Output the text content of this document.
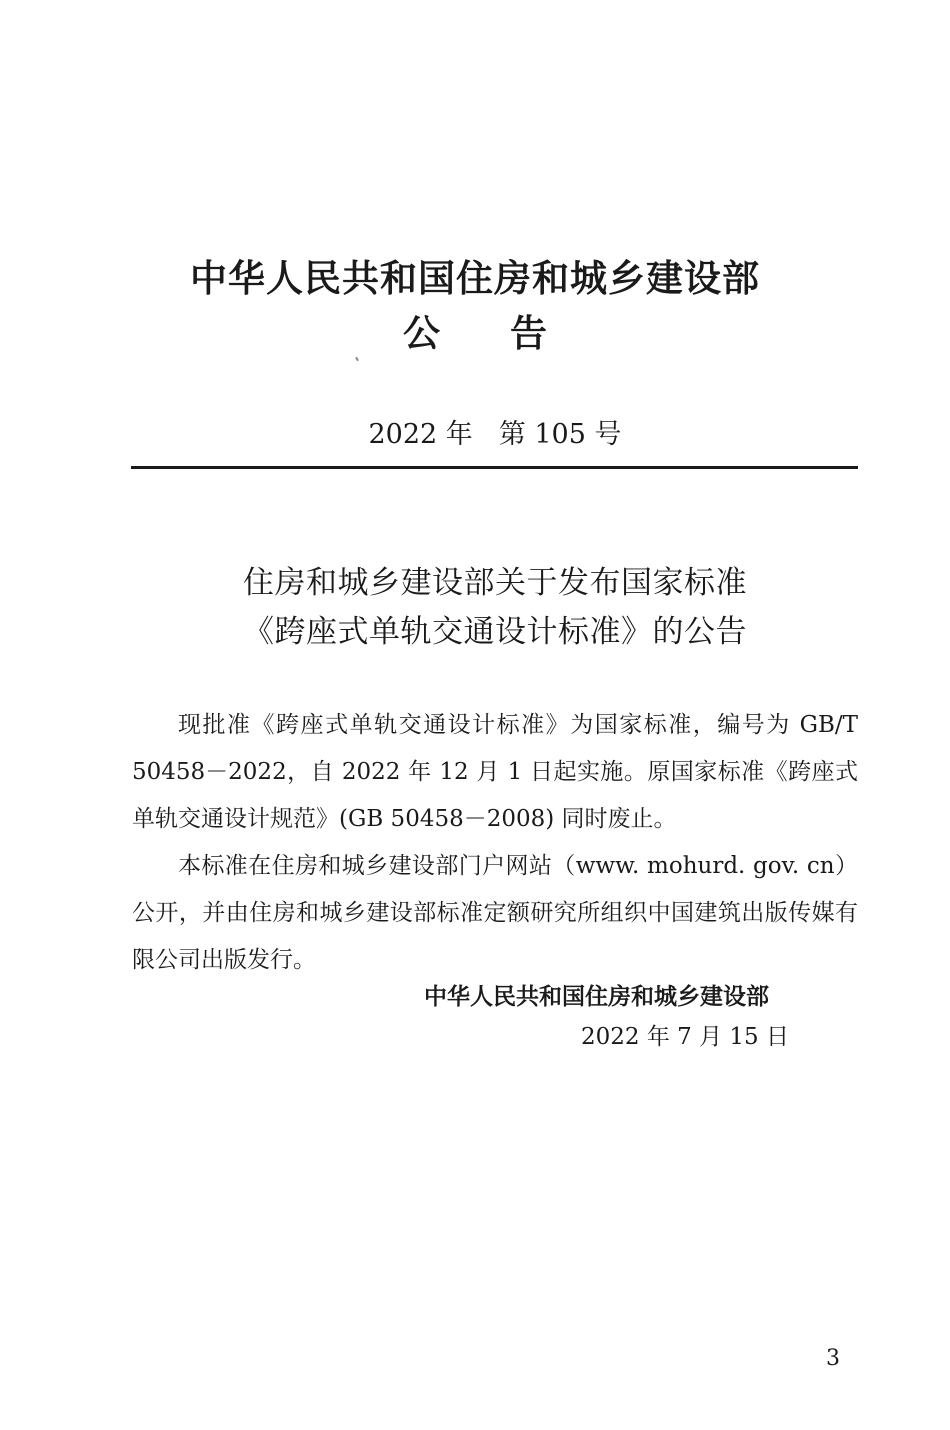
中华人民共和国住房和城乡建设部
公 告
2022 年 第 105 号
住房和城乡建设部关于发布国家标准
《跨座式单轨交通设计标准》的公告

现批准《跨座式单轨交通设计标准》为国家标准，编号为 GB/T 50458－2022，自 2022 年 12 月 1 日起实施。原国家标准《跨座式单轨交通设计规范》(GB 50458－2008) 同时废止。

本标准在住房和城乡建设部门户网站（www. mohurd. gov. cn）公开，并由住房和城乡建设部标准定额研究所组织中国建筑出版传媒有限公司出版发行。

中华人民共和国住房和城乡建设部
2022 年 7 月 15 日
3
